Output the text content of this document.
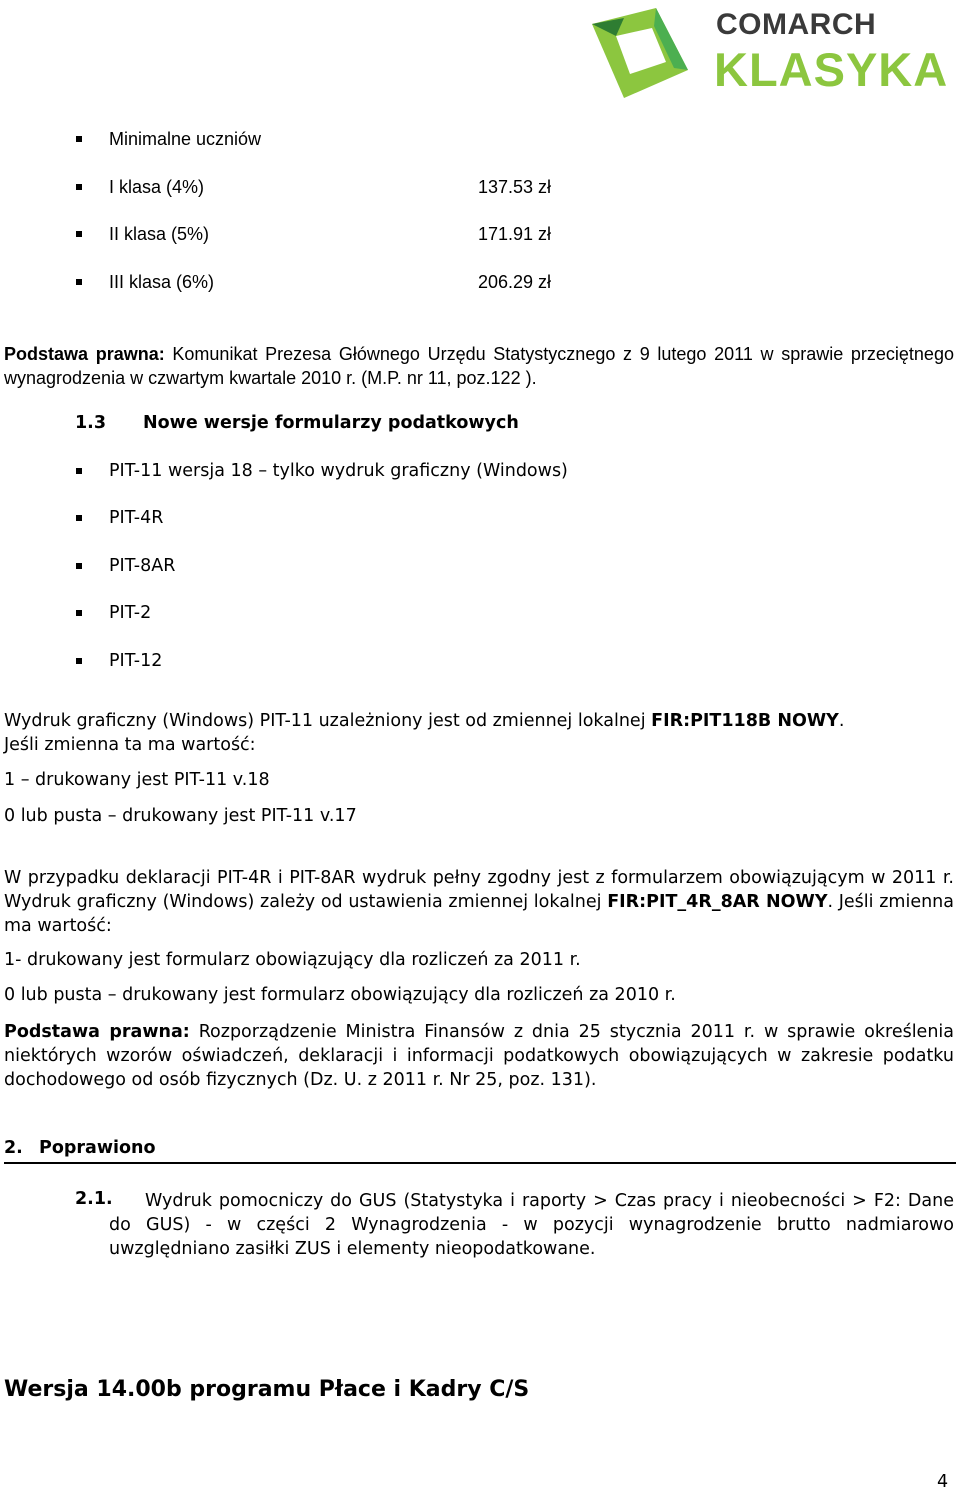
COMARCH
KLASYKA
Minimalne uczniów
I klasa (4%)	137.53 zł
II klasa (5%)	171.91 zł
III klasa (6%)	206.29 zł
Podstawa prawna: Komunikat Prezesa Głównego Urzędu Statystycznego z 9 lutego 2011 w sprawie przeciętnego wynagrodzenia w czwartym kwartale 2010 r. (M.P. nr 11, poz.122 ).
1.3 Nowe wersje formularzy podatkowych
PIT-11 wersja 18 – tylko wydruk graficzny (Windows)
PIT-4R
PIT-8AR
PIT-2
PIT-12
Wydruk graficzny (Windows) PIT-11 uzależniony jest od zmiennej lokalnej FIR:PIT118B NOWY.
Jeśli zmienna ta ma wartość:
1 – drukowany jest PIT-11 v.18
0 lub pusta – drukowany jest PIT-11 v.17
W przypadku deklaracji PIT-4R i PIT-8AR wydruk pełny zgodny jest z formularzem obowiązującym w 2011 r. Wydruk graficzny (Windows) zależy od ustawienia zmiennej lokalnej FIR:PIT_4R_8AR NOWY. Jeśli zmienna ma wartość:
1- drukowany jest formularz obowiązujący dla rozliczeń za 2011 r.
0 lub pusta – drukowany jest formularz obowiązujący dla rozliczeń za 2010 r.
Podstawa prawna: Rozporządzenie Ministra Finansów z dnia 25 stycznia 2011 r. w sprawie określenia niektórych wzorów oświadczeń, deklaracji i informacji podatkowych obowiązujących w zakresie podatku dochodowego od osób fizycznych (Dz. U. z 2011 r. Nr 25, poz. 131).
2. Poprawiono
2.1.	Wydruk pomocniczy do GUS (Statystyka i raporty > Czas pracy i nieobecności > F2: Dane do GUS) - w części 2 Wynagrodzenia - w pozycji wynagrodzenie brutto nadmiarowo uwzględniano zasiłki ZUS i elementy nieopodatkowane.
Wersja 14.00b programu Płace i Kadry C/S
4
